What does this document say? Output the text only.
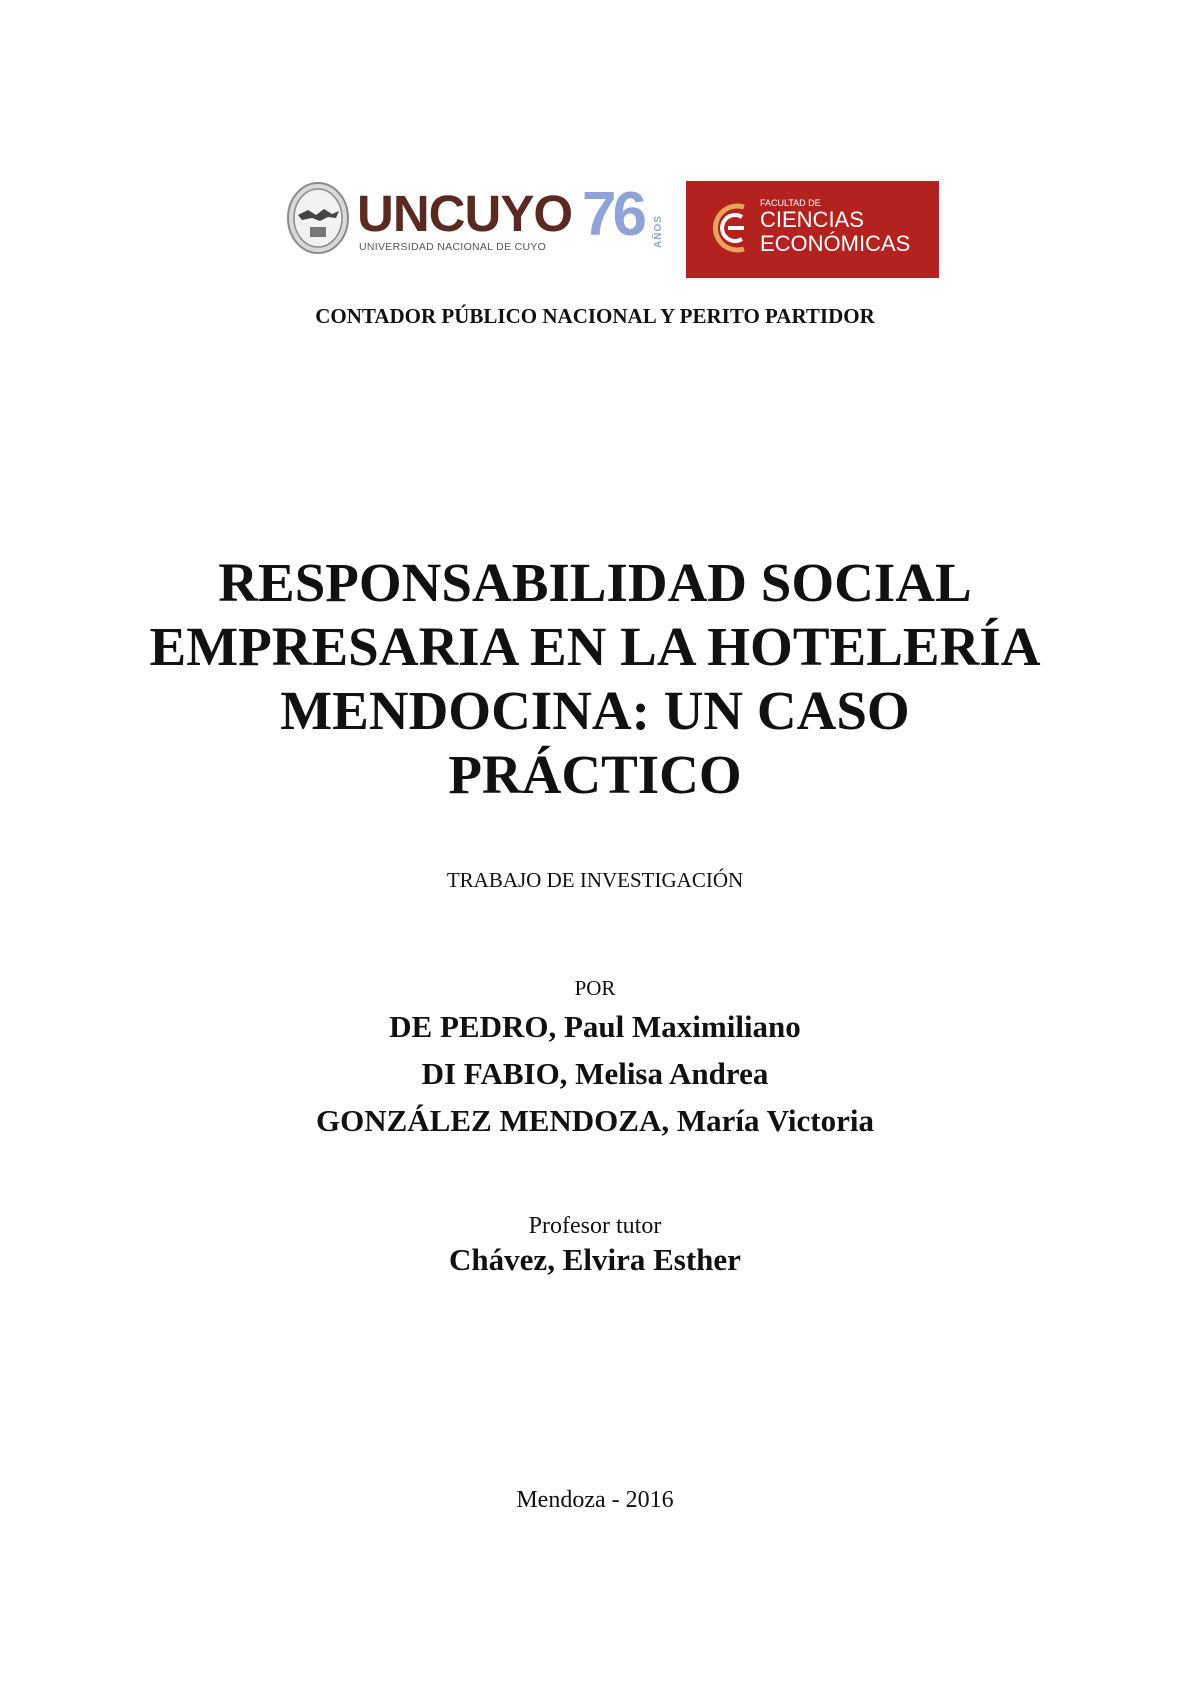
UNCUYO
UNIVERSIDAD NACIONAL DE CUYO 76 AÑOS
FACULTAD DE
CIENCIAS
ECONÓMICAS
CONTADOR PÚBLICO NACIONAL Y PERITO PARTIDOR
RESPONSABILIDAD SOCIAL
EMPRESARIA EN LA HOTELERÍA
MENDOCINA: UN CASO
PRÁCTICO
TRABAJO DE INVESTIGACIÓN
POR
DE PEDRO, Paul Maximiliano
DI FABIO, Melisa Andrea
GONZÁLEZ MENDOZA, María Victoria
Profesor tutor
Chávez, Elvira Esther
Mendoza - 2016
